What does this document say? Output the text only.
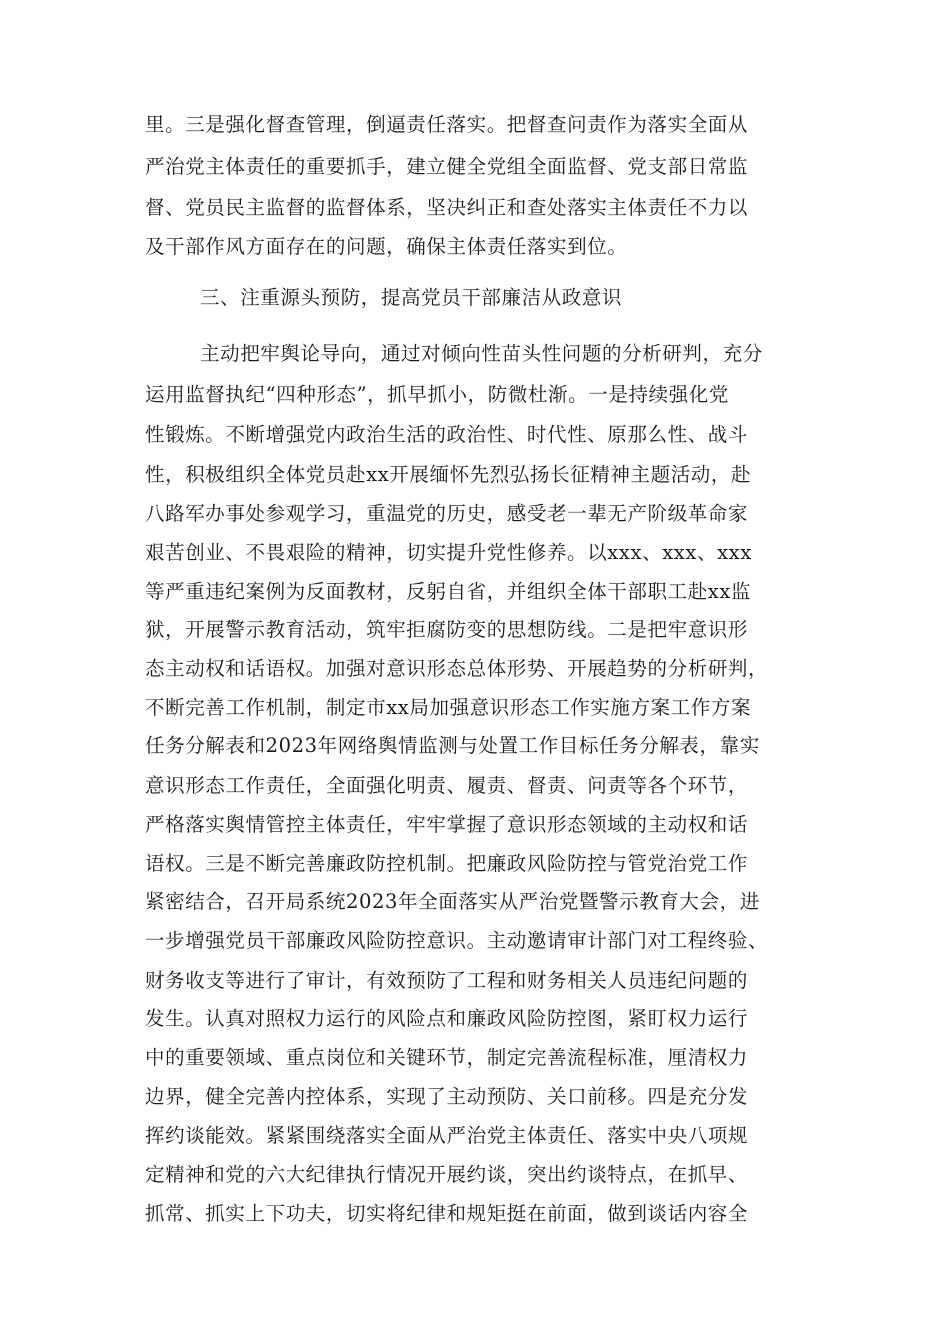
里。三是强化督查管理，倒逼责任落实。把督查问责作为落实全面从
严治党主体责任的重要抓手，建立健全党组全面监督、党支部日常监
督、党员民主监督的监督体系，坚决纠正和查处落实主体责任不力以
及干部作风方面存在的问题，确保主体责任落实到位。
三、注重源头预防，提高党员干部廉洁从政意识
主动把牢舆论导向，通过对倾向性苗头性问题的分析研判，充分
运用监督执纪“四种形态”，抓早抓小，防微杜渐。一是持续强化党
性锻炼。不断增强党内政治生活的政治性、时代性、原那么性、战斗
性，积极组织全体党员赴xx开展缅怀先烈弘扬长征精神主题活动，赴
八路军办事处参观学习，重温党的历史，感受老一辈无产阶级革命家
艰苦创业、不畏艰险的精神，切实提升党性修养。以xxx、xxx、xxx
等严重违纪案例为反面教材，反躬自省，并组织全体干部职工赴xx监
狱，开展警示教育活动，筑牢拒腐防变的思想防线。二是把牢意识形
态主动权和话语权。加强对意识形态总体形势、开展趋势的分析研判，
不断完善工作机制，制定市xx局加强意识形态工作实施方案工作方案
任务分解表和2023年网络舆情监测与处置工作目标任务分解表，靠实
意识形态工作责任，全面强化明责、履责、督责、问责等各个环节，
严格落实舆情管控主体责任，牢牢掌握了意识形态领域的主动权和话
语权。三是不断完善廉政防控机制。把廉政风险防控与管党治党工作
紧密结合，召开局系统2023年全面落实从严治党暨警示教育大会，进
一步增强党员干部廉政风险防控意识。主动邀请审计部门对工程终验、
财务收支等进行了审计，有效预防了工程和财务相关人员违纪问题的
发生。认真对照权力运行的风险点和廉政风险防控图，紧盯权力运行
中的重要领域、重点岗位和关键环节，制定完善流程标准，厘清权力
边界，健全完善内控体系，实现了主动预防、关口前移。四是充分发
挥约谈能效。紧紧围绕落实全面从严治党主体责任、落实中央八项规
定精神和党的六大纪律执行情况开展约谈，突出约谈特点，在抓早、
抓常、抓实上下功夫，切实将纪律和规矩挺在前面，做到谈话内容全
